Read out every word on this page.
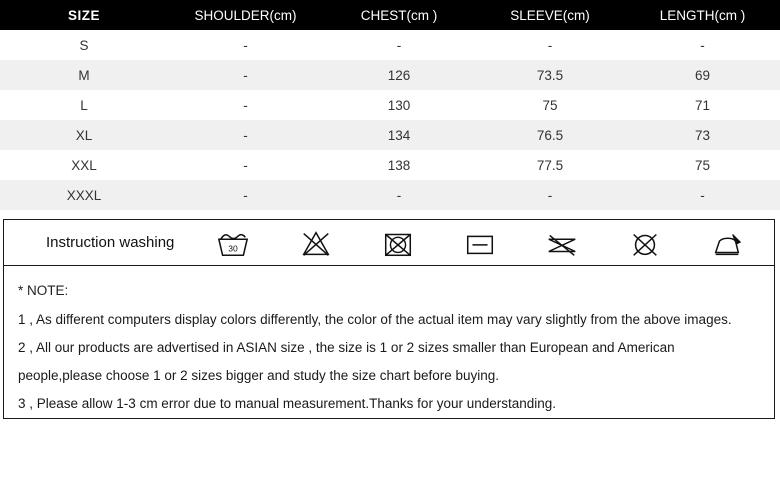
SIZE	SHOULDER(cm)	CHEST(cm )	SLEEVE(cm)	LENGTH(cm )
S	-	-	-	-
M	-	126	73.5	69
L	-	130	75	71
XL	-	134	76.5	73
XXL	-	138	77.5	75
XXXL	-	-	-	-
Instruction washing	30
* NOTE:
1 , As different computers display colors differently, the color of the actual item may vary slightly from the above images.
2 , All our products are advertised in ASIAN size , the size is 1 or 2 sizes smaller than European and American people,please choose 1 or 2 sizes bigger and study the size chart before buying.
3 , Please allow 1-3 cm error due to manual measurement.Thanks for your understanding.
